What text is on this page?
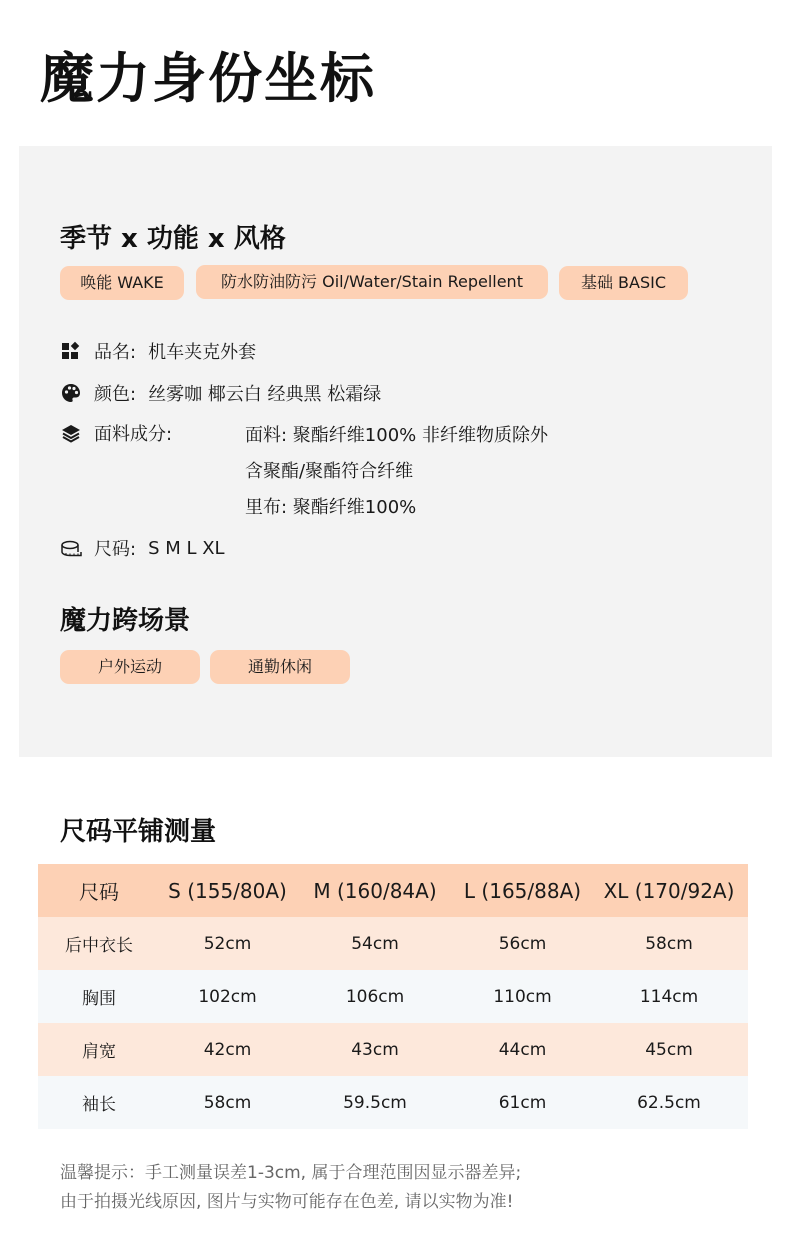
魔力身份坐标
季节 x 功能 x 风格
唤能 WAKE	防水防油防污 Oil/Water/Stain Repellent	基础 BASIC
品名: 机车夹克外套
颜色: 丝雾咖 椰云白 经典黑 松霜绿
面料成分:	面料: 聚酯纤维100% 非纤维物质除外
含聚酯/聚酯符合纤维
里布: 聚酯纤维100%
尺码: S M L XL
魔力跨场景
户外运动	通勤休闲
尺码平铺测量
尺码	S (155/80A)	M (160/84A)	L (165/88A)	XL (170/92A)
后中衣长	52cm	54cm	56cm	58cm
胸围	102cm	106cm	110cm	114cm
肩宽	42cm	43cm	44cm	45cm
袖长	58cm	59.5cm	61cm	62.5cm
温馨提示：手工测量误差1-3cm, 属于合理范围因显示器差异;
由于拍摄光线原因, 图片与实物可能存在色差, 请以实物为准!
